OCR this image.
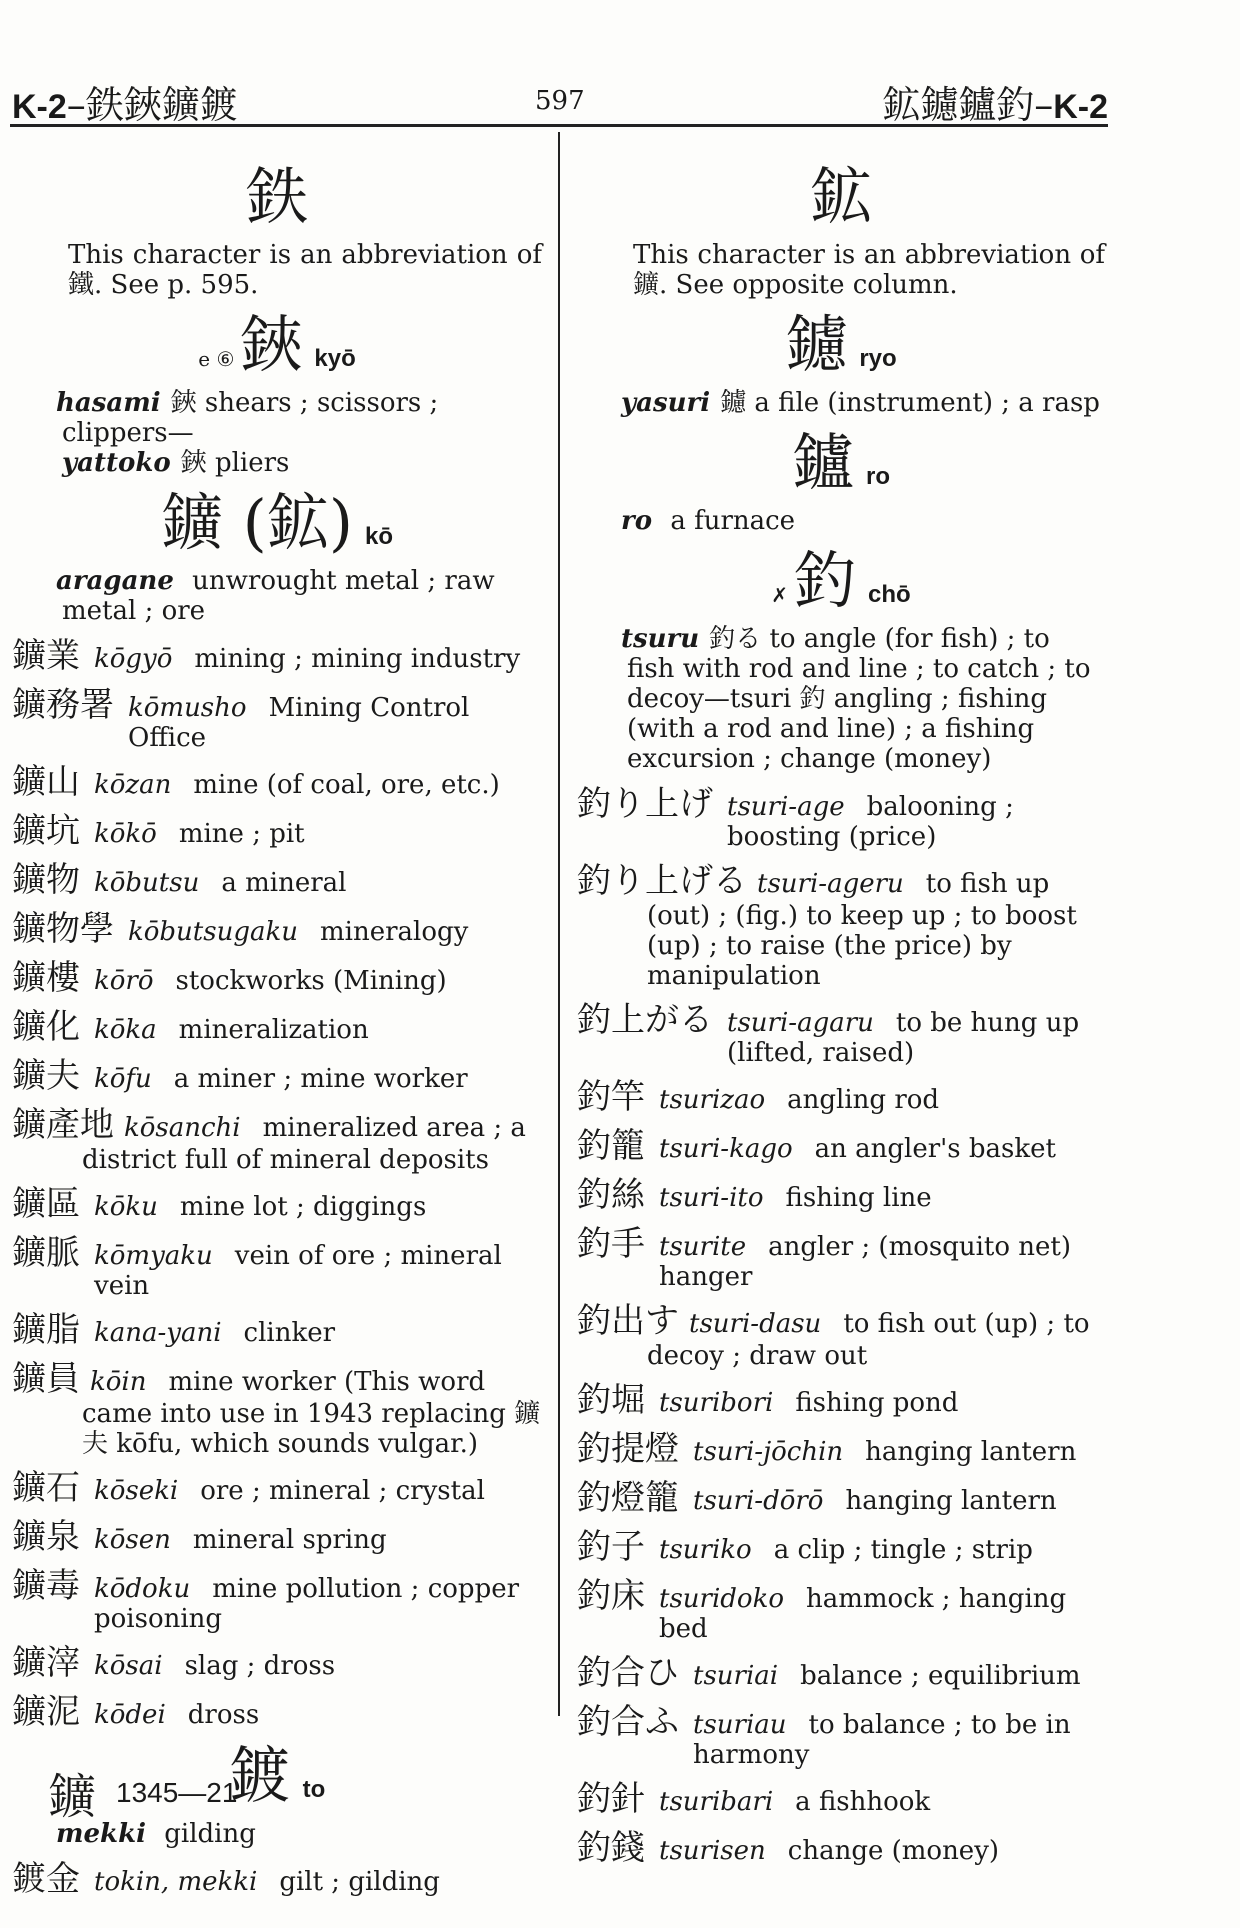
K-2–鉄鋏鑛鍍	597	鉱鑢鑪釣–K-2
鉄
This character is an abbreviation of 鐵. See p. 595.
e ⑥鋏 kyō
hasami 鋏 shears ; scissors ; clippers—
yattoko 鋏 pliers
鑛 (鉱) kō
aragane unwrought metal ; raw metal ; ore
鑛業 kōgyō mining ; mining industry
鑛務署 kōmusho Mining Control Office
鑛山 kōzan mine (of coal, ore, etc.)
鑛坑 kōkō mine ; pit
鑛物 kōbutsu a mineral
鑛物學 kōbutsugaku mineralogy
鑛樓 kōrō stockworks (Mining)
鑛化 kōka mineralization
鑛夫 kōfu a miner ; mine worker
鑛產地 kōsanchi mineralized area ; a district full of mineral deposits
鑛區 kōku mine lot ; diggings
鑛脈 kōmyaku vein of ore ; mineral vein
鑛脂 kana-yani clinker
鑛員 kōin mine worker (This word came into use in 1943 replacing 鑛夫 kōfu, which sounds vulgar.)
鑛石 kōseki ore ; mineral ; crystal
鑛泉 kōsen mineral spring
鑛毒 kōdoku mine pollution ; copper poisoning
鑛滓 kōsai slag ; dross
鑛泥 kōdei dross
鍍to
mekki gilding
鍍金 tokin, mekki gilt ; gilding
鉱
This character is an abbreviation of 鑛. See opposite column.
鑢ryo
yasuri 鑢 a file (instrument) ; a rasp
鑪ro
ro a furnace
✗釣 chō
tsuru 釣る to angle (for fish) ; to fish with rod and line ; to catch ; to decoy—tsuri 釣 angling ; fishing (with a rod and line) ; a fishing excursion ; change (money)
釣り上げ tsuri-age balooning ; boosting (price)
釣り上げる tsuri-ageru to fish up (out) ; (fig.) to keep up ; to boost (up) ; to raise (the price) by manipulation
釣上がる tsuri-agaru to be hung up (lifted, raised)
釣竿 tsurizao angling rod
釣籠 tsuri-kago an angler's basket
釣絲 tsuri-ito fishing line
釣手 tsurite angler ; (mosquito net) hanger
釣出す tsuri-dasu to fish out (up) ; to decoy ; draw out
釣堀 tsuribori fishing pond
釣提燈 tsuri-jōchin hanging lantern
釣燈籠 tsuri-dōrō hanging lantern
釣子 tsuriko a clip ; tingle ; strip
釣床 tsuridoko hammock ; hanging bed
釣合ひ tsuriai balance ; equilibrium
釣合ふ tsuriau to balance ; to be in harmony
釣針 tsuribari a fishhook
釣錢 tsurisen change (money)
鑛 1345—21
